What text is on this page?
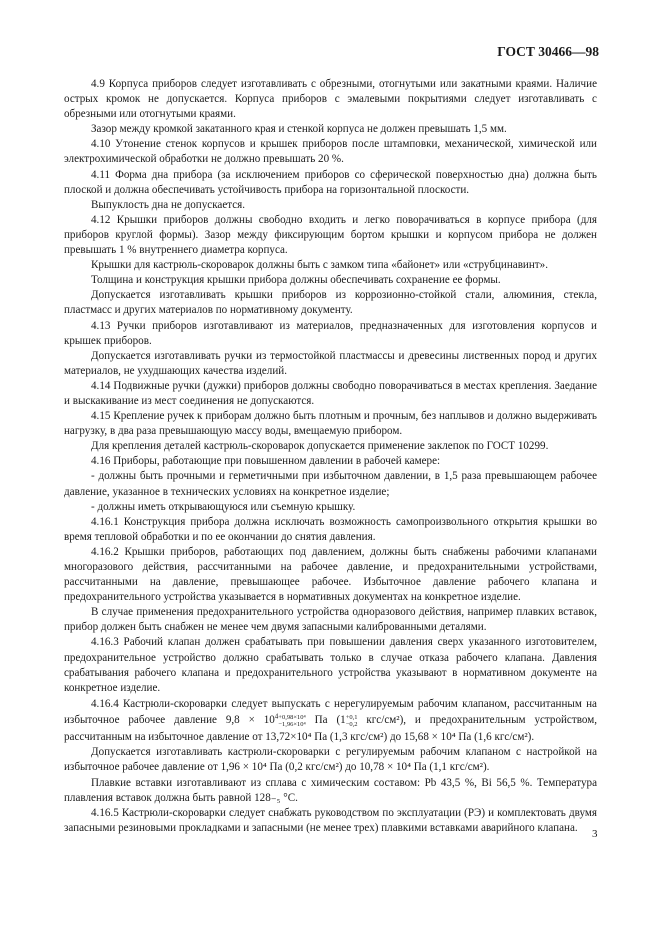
ГОСТ 30466—98

4.9 Корпуса приборов следует изготавливать с обрезными, отогнутыми или закатными краями. Наличие острых кромок не допускается. Корпуса приборов с эмалевыми покрытиями следует изготавливать с обрезными или отогнутыми краями.

Зазор между кромкой закатанного края и стенкой корпуса не должен превышать 1,5 мм.

4.10 Утонение стенок корпусов и крышек приборов после штамповки, механической, химической или электрохимической обработки не должно превышать 20 %.

4.11 Форма дна прибора (за исключением приборов со сферической поверхностью дна) должна быть плоской и должна обеспечивать устойчивость прибора на горизонтальной плоскости.

Выпуклость дна не допускается.

4.12 Крышки приборов должны свободно входить и легко поворачиваться в корпусе прибора (для приборов круглой формы). Зазор между фиксирующим бортом крышки и корпусом прибора не должен превышать 1 % внутреннего диаметра корпуса.

Крышки для кастрюль-скороварок должны быть с замком типа «байонет» или «струбцинавинт».

Толщина и конструкция крышки прибора должны обеспечивать сохранение ее формы.

Допускается изготавливать крышки приборов из коррозионно-стойкой стали, алюминия, стекла, пластмасс и других материалов по нормативному документу.

4.13 Ручки приборов изготавливают из материалов, предназначенных для изготовления корпусов и крышек приборов.

Допускается изготавливать ручки из термостойкой пластмассы и древесины лиственных пород и других материалов, не ухудшающих качества изделий.

4.14 Подвижные ручки (дужки) приборов должны свободно поворачиваться в местах крепления. Заедание и выскакивание из мест соединения не допускаются.

4.15 Крепление ручек к приборам должно быть плотным и прочным, без наплывов и должно выдерживать нагрузку, в два раза превышающую массу воды, вмещаемую прибором.

Для крепления деталей кастрюль-скороварок допускается применение заклепок по ГОСТ 10299.

4.16 Приборы, работающие при повышенном давлении в рабочей камере:

- должны быть прочными и герметичными при избыточном давлении, в 1,5 раза превышающем рабочее давление, указанное в технических условиях на конкретное изделие;

- должны иметь открывающуюся или съемную крышку.

4.16.1 Конструкция прибора должна исключать возможность самопроизвольного открытия крышки во время тепловой обработки и по ее окончании до снятия давления.

4.16.2 Крышки приборов, работающих под давлением, должны быть снабжены рабочими клапанами многоразового действия, рассчитанными на рабочее давление, и предохранительными устройствами, рассчитанными на давление, превышающее рабочее. Избыточное давление рабочего клапана и предохранительного устройства указывается в нормативных документах на конкретное изделие.

В случае применения предохранительного устройства одноразового действия, например плавких вставок, прибор должен быть снабжен не менее чем двумя запасными калиброванными деталями.

4.16.3 Рабочий клапан должен срабатывать при повышении давления сверх указанного изготовителем, предохранительное устройство должно срабатывать только в случае отказа рабочего клапана. Давления срабатывания рабочего клапана и предохранительного устройства указывают в нормативном документе на конкретное изделие.

4.16.4 Кастрюли-скороварки следует выпускать с нерегулируемым рабочим клапаном, рассчитанным на избыточное рабочее давление $9,8 \times 10^4 +0,98\times 10^4$
−1,96×10⁴ Па (1 +0,1
−0,2 кгс/см²), и предохранительным устройством, рассчитанным на избыточное давление от 13,72×10⁴ Па (1,3 кгс/см²) до 15,68 × 10⁴ Па (1,6 кгс/см²).

Допускается изготавливать кастрюли-скороварки с регулируемым рабочим клапаном с настройкой на избыточное рабочее давление от 1,96 × 10⁴ Па (0,2 кгс/см²) до 10,78 × 10⁴ Па (1,1 кгс/см²).

Плавкие вставки изготавливают из сплава с химическим составом: Pb 43,5 %, Bi 56,5 %. Температура плавления вставок должна быть равной 128₋₅ °С.

4.16.5 Кастрюли-скороварки следует снабжать руководством по эксплуатации (РЭ) и комплектовать двумя запасными резиновыми прокладками и запасными (не менее трех) плавкими вставками аварийного клапана.

3
